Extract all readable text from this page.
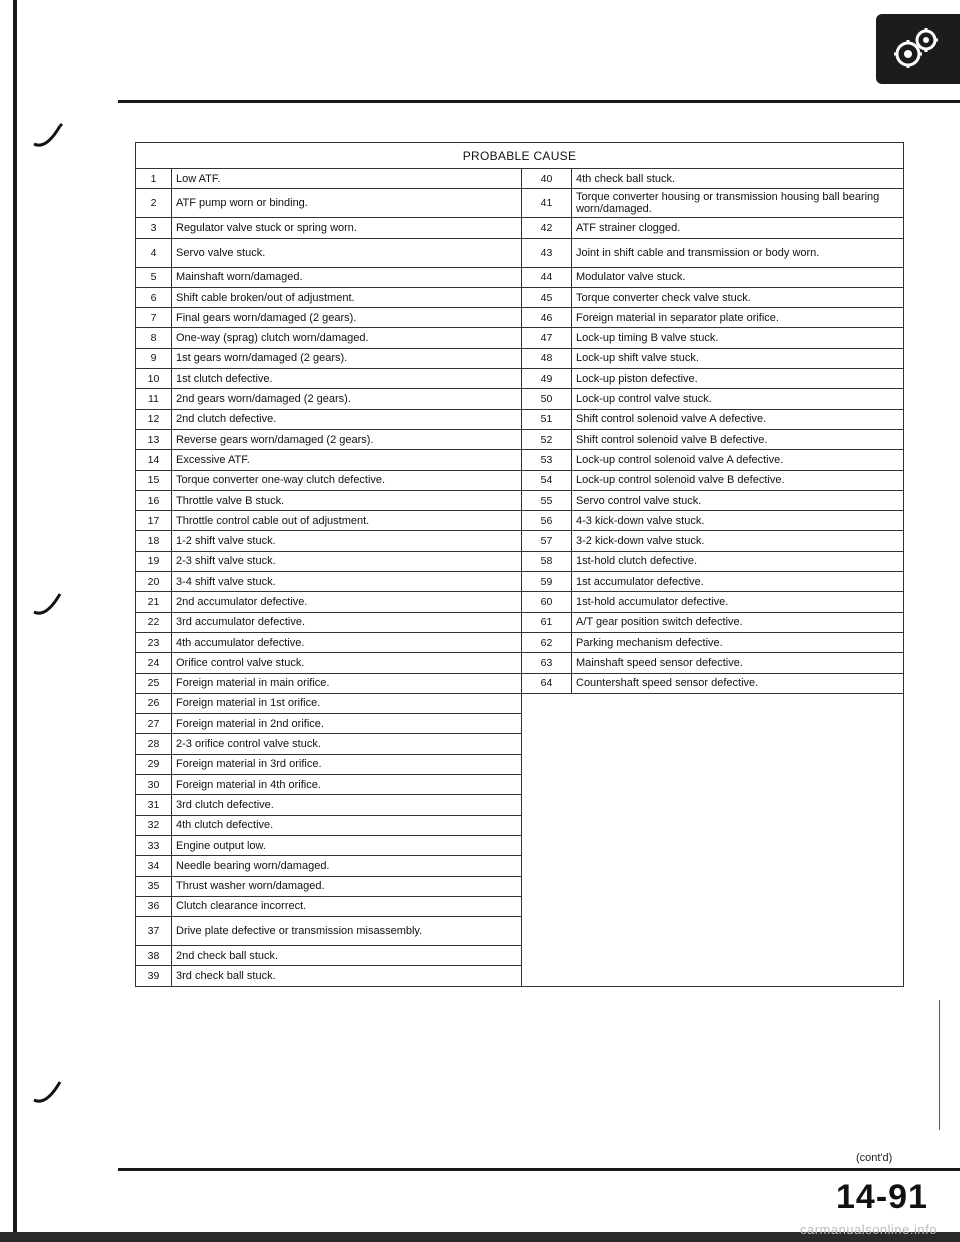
PROBABLE CAUSE			
1	Low ATF.	40	4th check ball stuck.
2	ATF pump worn or binding.	41	Torque converter housing or transmission housing ball bearing worn/damaged.
3	Regulator valve stuck or spring worn.	42	ATF strainer clogged.
4	Servo valve stuck.	43	Joint in shift cable and transmission or body worn.
5	Mainshaft worn/damaged.	44	Modulator valve stuck.
6	Shift cable broken/out of adjustment.	45	Torque converter check valve stuck.
7	Final gears worn/damaged (2 gears).	46	Foreign material in separator plate orifice.
8	One-way (sprag) clutch worn/damaged.	47	Lock-up timing B valve stuck.
9	1st gears worn/damaged (2 gears).	48	Lock-up shift valve stuck.
10	1st clutch defective.	49	Lock-up piston defective.
11	2nd gears worn/damaged (2 gears).	50	Lock-up control valve stuck.
12	2nd clutch defective.	51	Shift control solenoid valve A defective.
13	Reverse gears worn/damaged (2 gears).	52	Shift control solenoid valve B defective.
14	Excessive ATF.	53	Lock-up control solenoid valve A defective.
15	Torque converter one-way clutch defective.	54	Lock-up control solenoid valve B defective.
16	Throttle valve B stuck.	55	Servo control valve stuck.
17	Throttle control cable out of adjustment.	56	4-3 kick-down valve stuck.
18	1-2 shift valve stuck.	57	3-2 kick-down valve stuck.
19	2-3 shift valve stuck.	58	1st-hold clutch defective.
20	3-4 shift valve stuck.	59	1st accumulator defective.
21	2nd accumulator defective.	60	1st-hold accumulator defective.
22	3rd accumulator defective.	61	A/T gear position switch defective.
23	4th accumulator defective.	62	Parking mechanism defective.
24	Orifice control valve stuck.	63	Mainshaft speed sensor defective.
25	Foreign material in main orifice.	64	Countershaft speed sensor defective.
26	Foreign material in 1st orifice.		
27	Foreign material in 2nd orifice.		
28	2-3 orifice control valve stuck.		
29	Foreign material in 3rd orifice.		
30	Foreign material in 4th orifice.		
31	3rd clutch defective.		
32	4th clutch defective.		
33	Engine output low.		
34	Needle bearing worn/damaged.		
35	Thrust washer worn/damaged.		
36	Clutch clearance incorrect.		
37	Drive plate defective or transmission misassembly.		
38	2nd check ball stuck.		
39	3rd check ball stuck.		
(cont'd)
14-91
carmanualsonline.info
